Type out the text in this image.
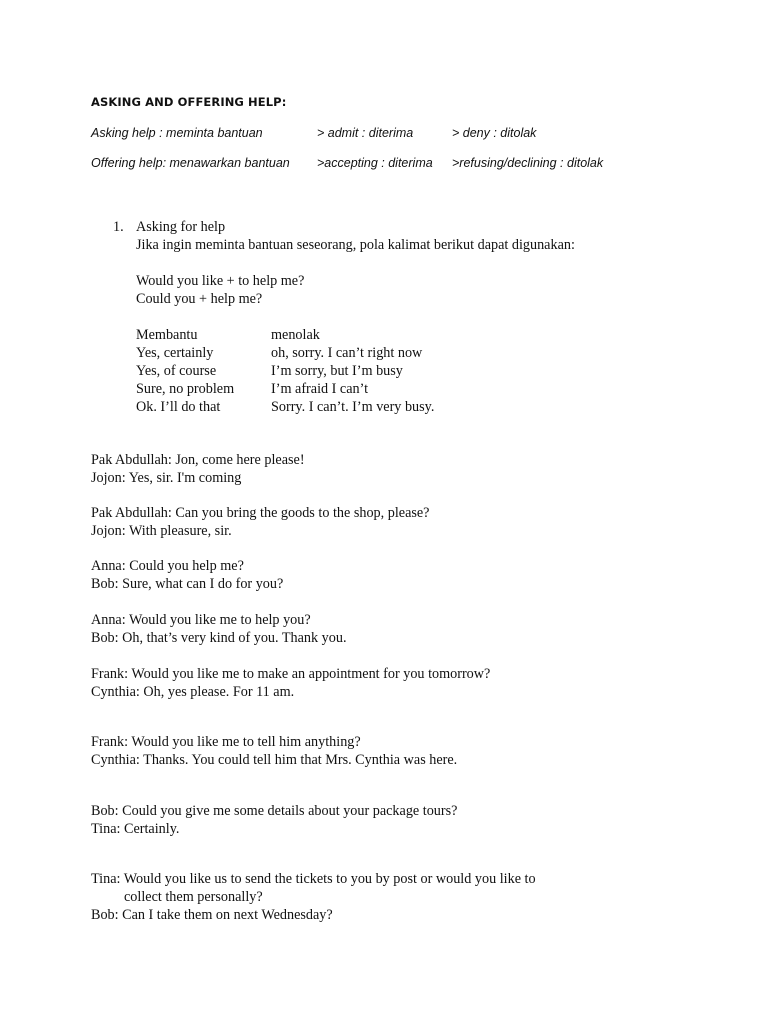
ASKING AND OFFERING HELP:
Asking help : meminta bantuan	> admit : diterima	> deny : ditolak
Offering help: menawarkan bantuan >accepting : diterima >refusing/declining : ditolak
1. Asking for help
Jika ingin meminta bantuan seseorang, pola kalimat berikut dapat digunakan:
Would you like + to help me?
Could you + help me?
Membantu	menolak
Yes, certainly	oh, sorry. I can’t right now
Yes, of course	I’m sorry, but I’m busy
Sure, no problem	I’m afraid I can’t
Ok. I’ll do that	Sorry. I can’t. I’m very busy.
Pak Abdullah: Jon, come here please!
Jojon: Yes, sir. I'm coming
Pak Abdullah: Can you bring the goods to the shop, please?
Jojon: With pleasure, sir.
Anna: Could you help me?
Bob: Sure, what can I do for you?
Anna: Would you like me to help you?
Bob: Oh, that’s very kind of you. Thank you.
Frank: Would you like me to make an appointment for you tomorrow?
Cynthia: Oh, yes please. For 11 am.
Frank: Would you like me to tell him anything?
Cynthia: Thanks. You could tell him that Mrs. Cynthia was here.
Bob: Could you give me some details about your package tours?
Tina: Certainly.
Tina: Would you like us to send the tickets to you by post or would you like to
collect them personally?
Bob: Can I take them on next Wednesday?
